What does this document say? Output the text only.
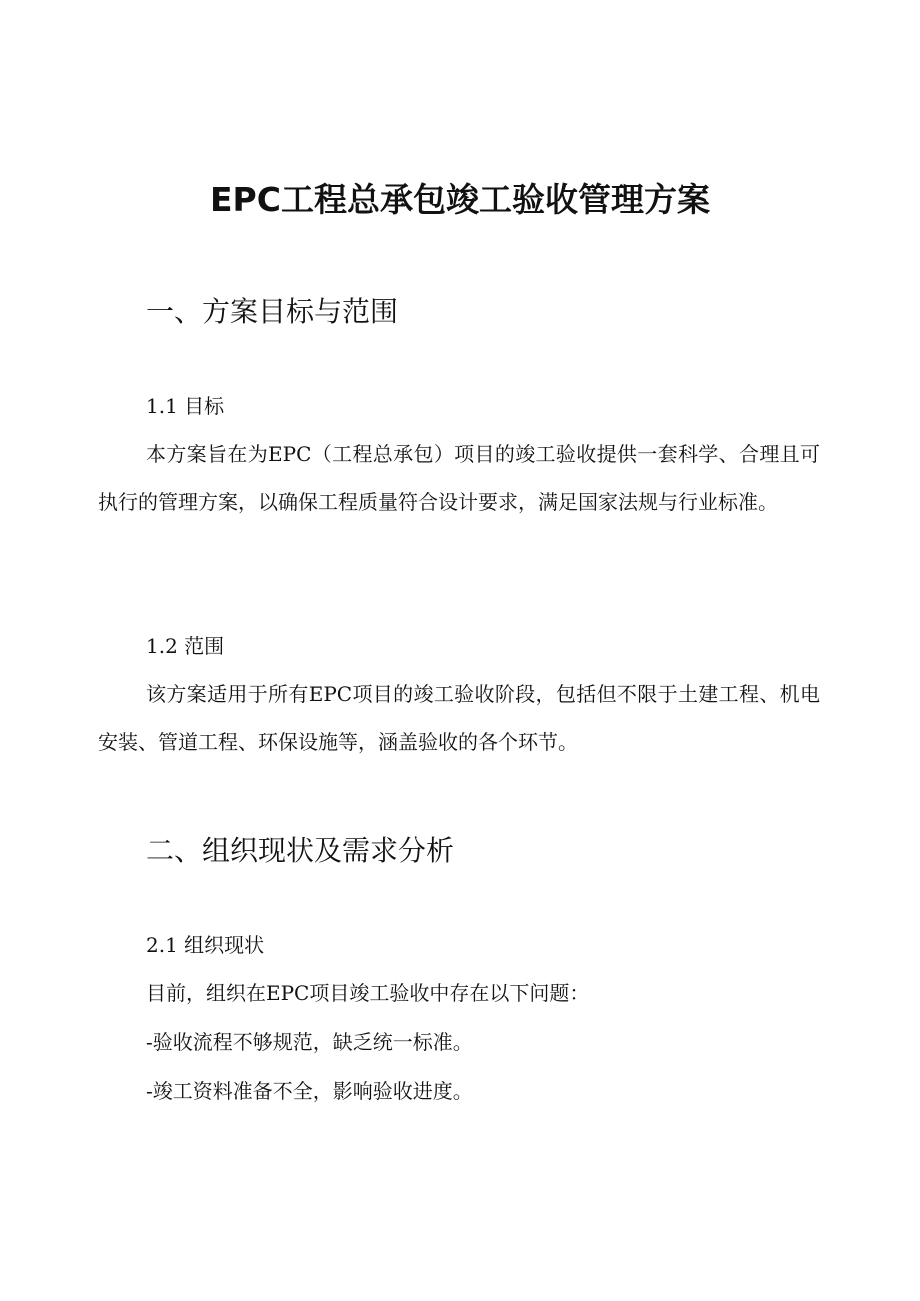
EPC工程总承包竣工验收管理方案
一、方案目标与范围
1.1 目标

本方案旨在为EPC（工程总承包）项目的竣工验收提供一套科学、合理且可执行的管理方案，以确保工程质量符合设计要求，满足国家法规与行业标准。

1.2 范围

该方案适用于所有EPC项目的竣工验收阶段，包括但不限于土建工程、机电安装、管道工程、环保设施等，涵盖验收的各个环节。

二、组织现状及需求分析
2.1 组织现状
目前，组织在EPC项目竣工验收中存在以下问题：
-验收流程不够规范，缺乏统一标准。
-竣工资料准备不全，影响验收进度。
